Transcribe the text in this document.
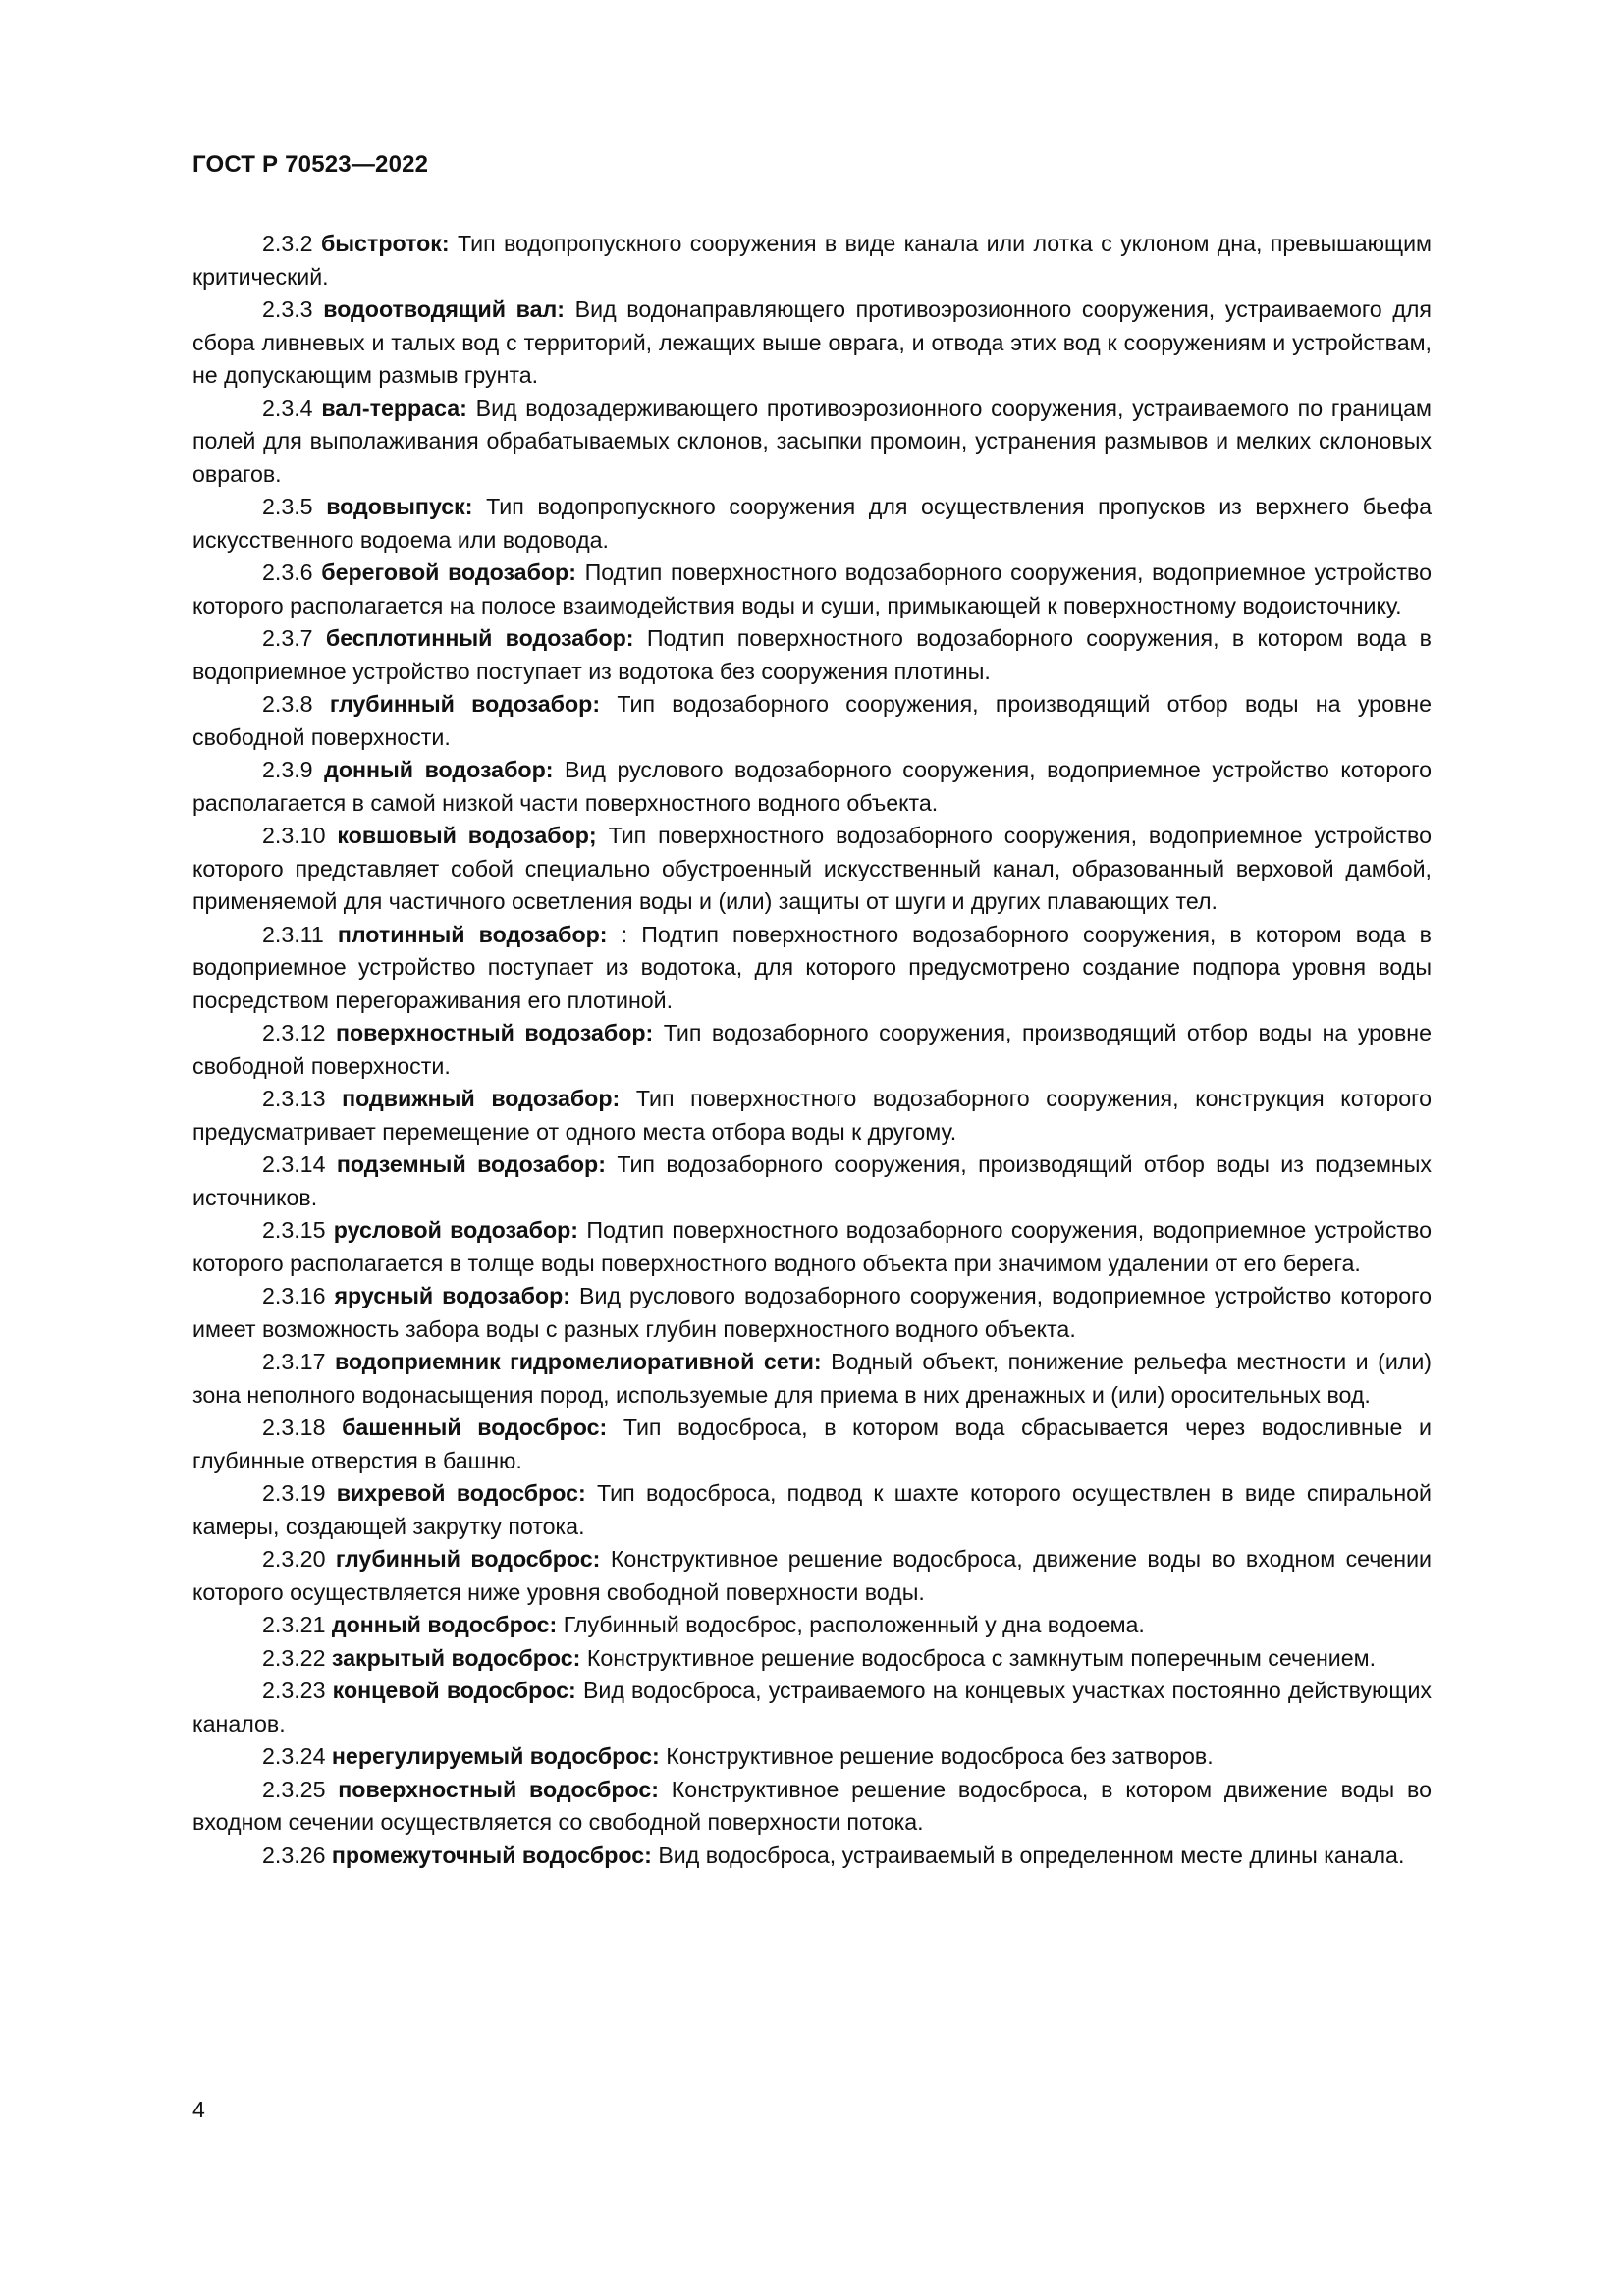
ГОСТ Р 70523—2022

2.3.2 быстроток: Тип водопропускного сооружения в виде канала или лотка с уклоном дна, превышающим критический.

2.3.3 водоотводящий вал: Вид водонаправляющего противоэрозионного сооружения, устраиваемого для сбора ливневых и талых вод с территорий, лежащих выше оврага, и отвода этих вод к сооружениям и устройствам, не допускающим размыв грунта.

2.3.4 вал-терраса: Вид водозадерживающего противоэрозионного сооружения, устраиваемого по границам полей для выполаживания обрабатываемых склонов, засыпки промоин, устранения размывов и мелких склоновых оврагов.

2.3.5 водовыпуск: Тип водопропускного сооружения для осуществления пропусков из верхнего бьефа искусственного водоема или водовода.

2.3.6 береговой водозабор: Подтип поверхностного водозаборного сооружения, водоприемное устройство которого располагается на полосе взаимодействия воды и суши, примыкающей к поверхностному водоисточнику.

2.3.7 бесплотинный водозабор: Подтип поверхностного водозаборного сооружения, в котором вода в водоприемное устройство поступает из водотока без сооружения плотины.

2.3.8 глубинный водозабор: Тип водозаборного сооружения, производящий отбор воды на уровне свободной поверхности.

2.3.9 донный водозабор: Вид руслового водозаборного сооружения, водоприемное устройство которого располагается в самой низкой части поверхностного водного объекта.

2.3.10 ковшовый водозабор; Тип поверхностного водозаборного сооружения, водоприемное устройство которого представляет собой специально обустроенный искусственный канал, образованный верховой дамбой, применяемой для частичного осветления воды и (или) защиты от шуги и других плавающих тел.

2.3.11 плотинный водозабор: : Подтип поверхностного водозаборного сооружения, в котором вода в водоприемное устройство поступает из водотока, для которого предусмотрено создание подпора уровня воды посредством перегораживания его плотиной.

2.3.12 поверхностный водозабор: Тип водозаборного сооружения, производящий отбор воды на уровне свободной поверхности.

2.3.13 подвижный водозабор: Тип поверхностного водозаборного сооружения, конструкция которого предусматривает перемещение от одного места отбора воды к другому.

2.3.14 подземный водозабор: Тип водозаборного сооружения, производящий отбор воды из подземных источников.

2.3.15 русловой водозабор: Подтип поверхностного водозаборного сооружения, водоприемное устройство которого располагается в толще воды поверхностного водного объекта при значимом удалении от его берега.

2.3.16 ярусный водозабор: Вид руслового водозаборного сооружения, водоприемное устройство которого имеет возможность забора воды с разных глубин поверхностного водного объекта.

2.3.17 водоприемник гидромелиоративной сети: Водный объект, понижение рельефа местности и (или) зона неполного водонасыщения пород, используемые для приема в них дренажных и (или) оросительных вод.

2.3.18 башенный водосброс: Тип водосброса, в котором вода сбрасывается через водосливные и глубинные отверстия в башню.

2.3.19 вихревой водосброс: Тип водосброса, подвод к шахте которого осуществлен в виде спиральной камеры, создающей закрутку потока.

2.3.20 глубинный водосброс: Конструктивное решение водосброса, движение воды во входном сечении которого осуществляется ниже уровня свободной поверхности воды.

2.3.21 донный водосброс: Глубинный водосброс, расположенный у дна водоема.

2.3.22 закрытый водосброс: Конструктивное решение водосброса с замкнутым поперечным сечением.

2.3.23 концевой водосброс: Вид водосброса, устраиваемого на концевых участках постоянно действующих каналов.

2.3.24 нерегулируемый водосброс: Конструктивное решение водосброса без затворов.

2.3.25 поверхностный водосброс: Конструктивное решение водосброса, в котором движение воды во входном сечении осуществляется со свободной поверхности потока.

2.3.26 промежуточный водосброс: Вид водосброса, устраиваемый в определенном месте длины канала.

4
